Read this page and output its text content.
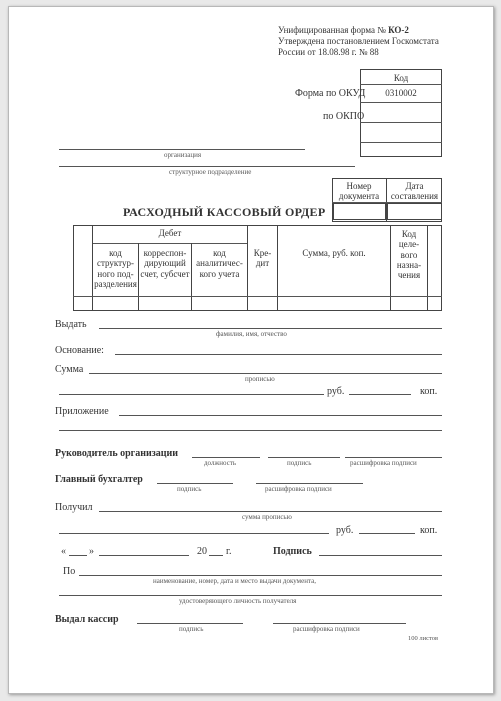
Унифицированная форма № КО-2
Утверждена постановлением Госкомстата
России от 18.08.98 г. № 88
Код
Форма по ОКУД	0310002
по ОКПО
организация
структурное подразделение
Номер документа
Дата составления
РАСХОДНЫЙ КАССОВЫЙ ОРДЕР
Дебет
код структур-ного под-разделения
корреспон-дирующий счет, субсчет
код аналитичес-кого учета
Кре-дит
Сумма, руб. коп.
Код целе-вого назна-чения
Выдать
фамилия, имя, отчество
Основание:
Сумма
прописью
руб.	коп.
Приложение
Руководитель организации
должность	подпись	расшифровка подписи
Главный бухгалтер
подпись	расшифровка подписи
Получил
сумма прописью
руб.	коп.
« »	20 г.	Подпись
По
наименование, номер, дата и место выдачи документа,
удостоверяющего личность получателя
Выдал кассир
подпись	расшифровка подписи
100 листов
